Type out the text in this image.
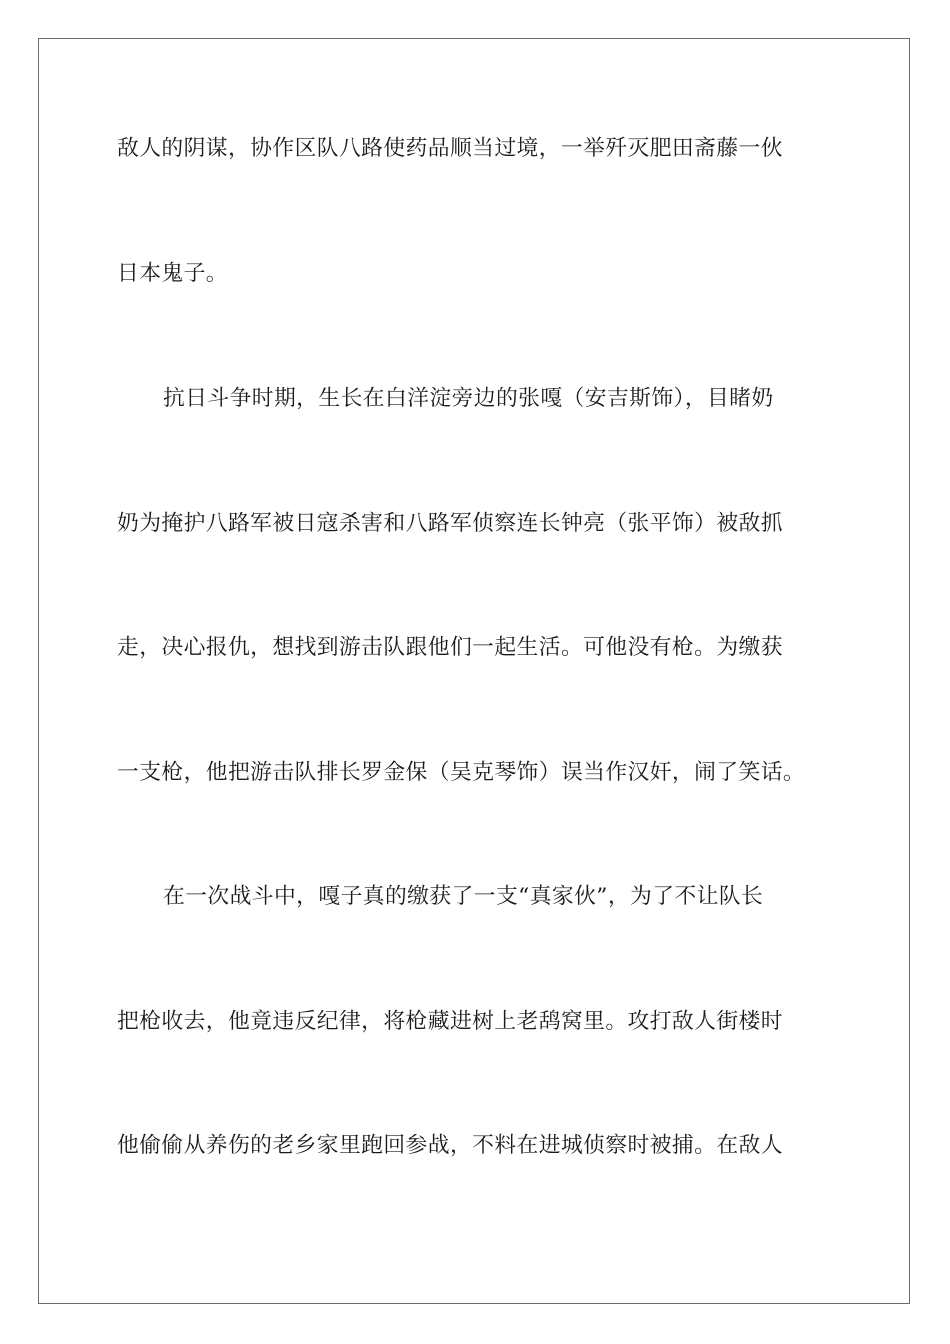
敌人的阴谋，协作区队八路使药品顺当过境，一举歼灭肥田斋藤一伙
日本鬼子。
抗日斗争时期，生长在白洋淀旁边的张嘎（安吉斯饰），目睹奶
奶为掩护八路军被日寇杀害和八路军侦察连长钟亮（张平饰）被敌抓
走，决心报仇，想找到游击队跟他们一起生活。可他没有枪。为缴获
一支枪，他把游击队排长罗金保（吴克琴饰）误当作汉奸，闹了笑话。
在一次战斗中，嘎子真的缴获了一支“真家伙”，为了不让队长
把枪收去，他竟违反纪律，将枪藏进树上老鸹窝里。攻打敌人街楼时
他偷偷从养伤的老乡家里跑回参战，不料在进城侦察时被捕。在敌人
